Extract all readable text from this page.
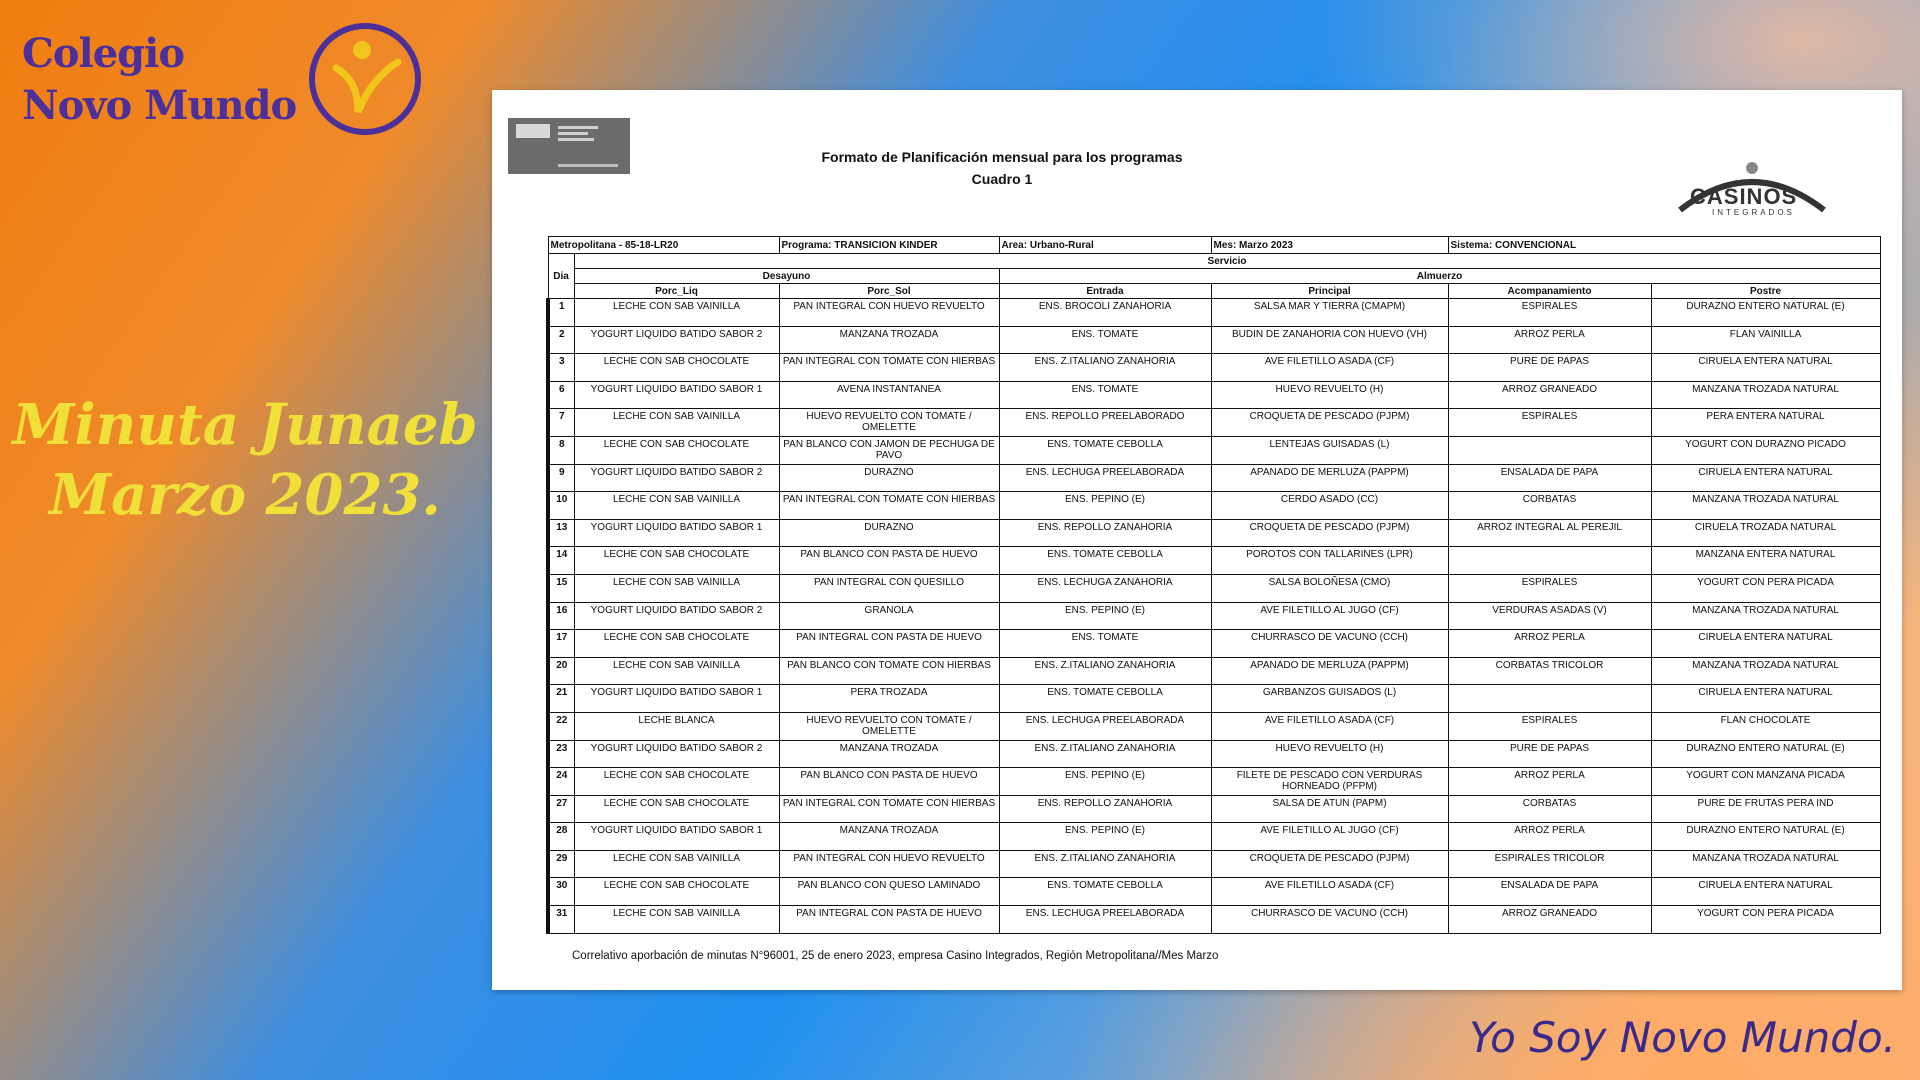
Colegio
Novo Mundo
Minuta Junaeb
Marzo 2023.
Yo Soy Novo Mundo.
Formato de Planificación mensual para los programas
Cuadro 1
CASINOS
INTEGRADOS
Metropolitana - 85-18-LR20		Programa: TRANSICION KINDER	Area: Urbano-Rural	Mes: Marzo 2023	Sistema: CONVENCIONAL	
Dia	Servicio					
	Desayuno		Almuerzo			
	Porc_Liq	Porc_Sol	Entrada	Principal	Acompanamiento	Postre
1	LECHE CON SAB VAINILLA	PAN INTEGRAL CON HUEVO REVUELTO	ENS. BROCOLI ZANAHORIA	SALSA MAR Y TIERRA (CMAPM)	ESPIRALES	DURAZNO ENTERO NATURAL (E)
2	YOGURT LIQUIDO BATIDO SABOR 2	MANZANA TROZADA	ENS. TOMATE	BUDIN DE ZANAHORIA CON HUEVO (VH)	ARROZ PERLA	FLAN VAINILLA
3	LECHE CON SAB CHOCOLATE	PAN INTEGRAL CON TOMATE CON HIERBAS	ENS. Z.ITALIANO ZANAHORIA	AVE FILETILLO ASADA (CF)	PURE DE PAPAS	CIRUELA ENTERA NATURAL
6	YOGURT LIQUIDO BATIDO SABOR 1	AVENA INSTANTANEA	ENS. TOMATE	HUEVO REVUELTO (H)	ARROZ GRANEADO	MANZANA TROZADA NATURAL
7	LECHE CON SAB VAINILLA	HUEVO REVUELTO CON TOMATE / OMELETTE	ENS. REPOLLO PREELABORADO	CROQUETA DE PESCADO (PJPM)	ESPIRALES	PERA ENTERA NATURAL
8	LECHE CON SAB CHOCOLATE	PAN BLANCO CON JAMON DE PECHUGA DE PAVO	ENS. TOMATE CEBOLLA	LENTEJAS GUISADAS (L)		YOGURT CON DURAZNO PICADO
9	YOGURT LIQUIDO BATIDO SABOR 2	DURAZNO	ENS. LECHUGA PREELABORADA	APANADO DE MERLUZA (PAPPM)	ENSALADA DE PAPA	CIRUELA ENTERA NATURAL
10	LECHE CON SAB VAINILLA	PAN INTEGRAL CON TOMATE CON HIERBAS	ENS. PEPINO (E)	CERDO ASADO (CC)	CORBATAS	MANZANA TROZADA NATURAL
13	YOGURT LIQUIDO BATIDO SABOR 1	DURAZNO	ENS. REPOLLO ZANAHORIA	CROQUETA DE PESCADO (PJPM)	ARROZ INTEGRAL AL PEREJIL	CIRUELA TROZADA NATURAL
14	LECHE CON SAB CHOCOLATE	PAN BLANCO CON PASTA DE HUEVO	ENS. TOMATE CEBOLLA	POROTOS CON TALLARINES (LPR)		MANZANA ENTERA NATURAL
15	LECHE CON SAB VAINILLA	PAN INTEGRAL CON QUESILLO	ENS. LECHUGA ZANAHORIA	SALSA BOLOÑESA (CMO)	ESPIRALES	YOGURT CON PERA PICADA
16	YOGURT LIQUIDO BATIDO SABOR 2	GRANOLA	ENS. PEPINO (E)	AVE FILETILLO AL JUGO (CF)	VERDURAS ASADAS (V)	MANZANA TROZADA NATURAL
17	LECHE CON SAB CHOCOLATE	PAN INTEGRAL CON PASTA DE HUEVO	ENS. TOMATE	CHURRASCO DE VACUNO (CCH)	ARROZ PERLA	CIRUELA ENTERA NATURAL
20	LECHE CON SAB VAINILLA	PAN BLANCO CON TOMATE CON HIERBAS	ENS. Z.ITALIANO ZANAHORIA	APANADO DE MERLUZA (PAPPM)	CORBATAS TRICOLOR	MANZANA TROZADA NATURAL
21	YOGURT LIQUIDO BATIDO SABOR 1	PERA TROZADA	ENS. TOMATE CEBOLLA	GARBANZOS GUISADOS (L)		CIRUELA ENTERA NATURAL
22	LECHE BLANCA	HUEVO REVUELTO CON TOMATE / OMELETTE	ENS. LECHUGA PREELABORADA	AVE FILETILLO ASADA (CF)	ESPIRALES	FLAN CHOCOLATE
23	YOGURT LIQUIDO BATIDO SABOR 2	MANZANA TROZADA	ENS. Z.ITALIANO ZANAHORIA	HUEVO REVUELTO (H)	PURE DE PAPAS	DURAZNO ENTERO NATURAL (E)
24	LECHE CON SAB CHOCOLATE	PAN BLANCO CON PASTA DE HUEVO	ENS. PEPINO (E)	FILETE DE PESCADO CON VERDURAS HORNEADO (PFPM)	ARROZ PERLA	YOGURT CON MANZANA PICADA
27	LECHE CON SAB CHOCOLATE	PAN INTEGRAL CON TOMATE CON HIERBAS	ENS. REPOLLO ZANAHORIA	SALSA DE ATUN (PAPM)	CORBATAS	PURE DE FRUTAS PERA IND
28	YOGURT LIQUIDO BATIDO SABOR 1	MANZANA TROZADA	ENS. PEPINO (E)	AVE FILETILLO AL JUGO (CF)	ARROZ PERLA	DURAZNO ENTERO NATURAL (E)
29	LECHE CON SAB VAINILLA	PAN INTEGRAL CON HUEVO REVUELTO	ENS. Z.ITALIANO ZANAHORIA	CROQUETA DE PESCADO (PJPM)	ESPIRALES TRICOLOR	MANZANA TROZADA NATURAL
30	LECHE CON SAB CHOCOLATE	PAN BLANCO CON QUESO LAMINADO	ENS. TOMATE CEBOLLA	AVE FILETILLO ASADA (CF)	ENSALADA DE PAPA	CIRUELA ENTERA NATURAL
31	LECHE CON SAB VAINILLA	PAN INTEGRAL CON PASTA DE HUEVO	ENS. LECHUGA PREELABORADA	CHURRASCO DE VACUNO (CCH)	ARROZ GRANEADO	YOGURT CON PERA PICADA
Correlativo aporbación de minutas N°96001, 25 de enero 2023, empresa Casino Integrados, Región Metropolitana//Mes Marzo
